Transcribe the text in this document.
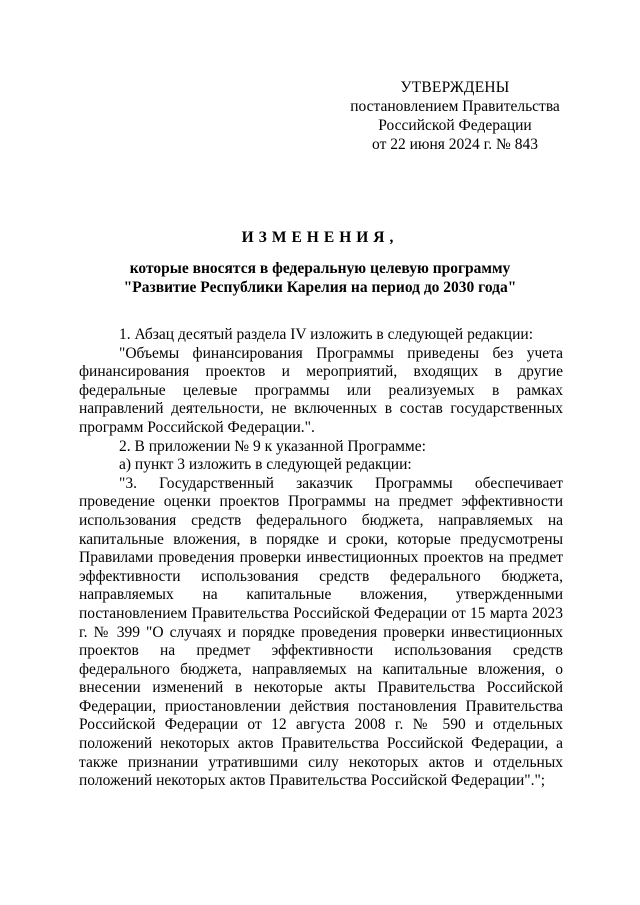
УТВЕРЖДЕНЫ
постановлением Правительства
Российской Федерации
от 22 июня 2024 г. № 843
ИЗМЕНЕНИЯ,
которые вносятся в федеральную целевую программу
"Развитие Республики Карелия на период до 2030 года"

1. Абзац десятый раздела IV изложить в следующей редакции:

"Объемы финансирования Программы приведены без учета финансирования проектов и мероприятий, входящих в другие федеральные целевые программы или реализуемых в рамках направлений деятельности, не включенных в состав государственных программ Российской Федерации.".

2. В приложении № 9 к указанной Программе:

а) пункт 3 изложить в следующей редакции:

"3. Государственный заказчик Программы обеспечивает проведение оценки проектов Программы на предмет эффективности использования средств федерального бюджета, направляемых на капитальные вложения, в порядке и сроки, которые предусмотрены Правилами проведения проверки инвестиционных проектов на предмет эффективности использования средств федерального бюджета, направляемых на капитальные вложения, утвержденными постановлением Правительства Российской Федерации от 15 марта 2023 г. № 399 "О случаях и порядке проведения проверки инвестиционных проектов на предмет эффективности использования средств федерального бюджета, направляемых на капитальные вложения, о внесении изменений в некоторые акты Правительства Российской Федерации, приостановлении действия постановления Правительства Российской Федерации от 12 августа 2008 г. № 590 и отдельных положений некоторых актов Правительства Российской Федерации, а также признании утратившими силу некоторых актов и отдельных положений некоторых актов Правительства Российской Федерации".";
